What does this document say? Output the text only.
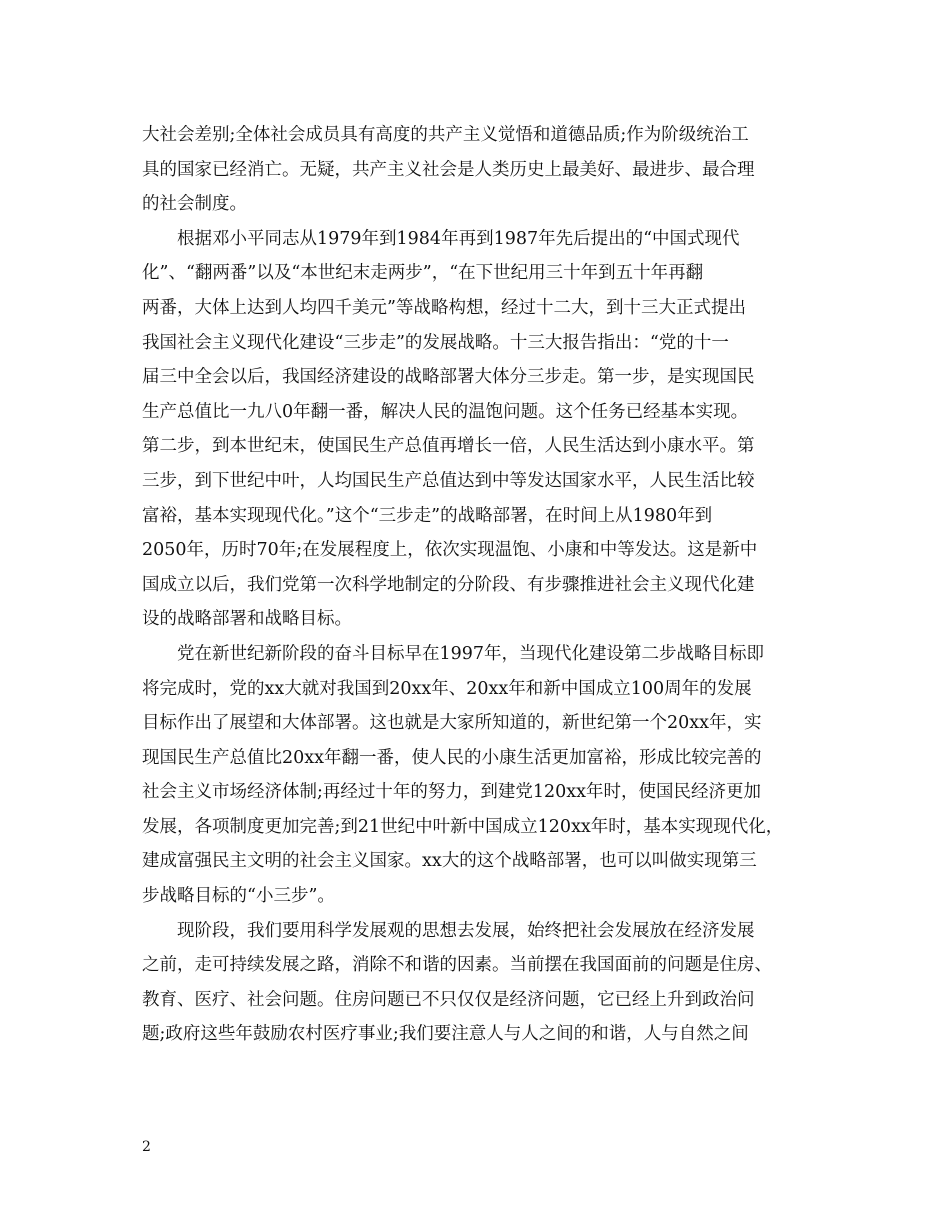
大社会差别;全体社会成员具有高度的共产主义觉悟和道德品质;作为阶级统治工
具的国家已经消亡。无疑，共产主义社会是人类历史上最美好、最进步、最合理
的社会制度。
根据邓小平同志从1979年到1984年再到1987年先后提出的“中国式现代
化”、“翻两番”以及“本世纪末走两步”，“在下世纪用三十年到五十年再翻
两番，大体上达到人均四千美元”等战略构想，经过十二大，到十三大正式提出
我国社会主义现代化建设“三步走”的发展战略。十三大报告指出：“党的十一
届三中全会以后，我国经济建设的战略部署大体分三步走。第一步，是实现国民
生产总值比一九八0年翻一番，解决人民的温饱问题。这个任务已经基本实现。
第二步，到本世纪末，使国民生产总值再增长一倍，人民生活达到小康水平。第
三步，到下世纪中叶，人均国民生产总值达到中等发达国家水平，人民生活比较
富裕，基本实现现代化。”这个“三步走”的战略部署，在时间上从1980年到
2050年，历时70年;在发展程度上，依次实现温饱、小康和中等发达。这是新中
国成立以后，我们党第一次科学地制定的分阶段、有步骤推进社会主义现代化建
设的战略部署和战略目标。
党在新世纪新阶段的奋斗目标早在1997年，当现代化建设第二步战略目标即
将完成时，党的xx大就对我国到20xx年、20xx年和新中国成立100周年的发展
目标作出了展望和大体部署。这也就是大家所知道的，新世纪第一个20xx年，实
现国民生产总值比20xx年翻一番，使人民的小康生活更加富裕，形成比较完善的
社会主义市场经济体制;再经过十年的努力，到建党120xx年时，使国民经济更加
发展，各项制度更加完善;到21世纪中叶新中国成立120xx年时，基本实现现代化，
建成富强民主文明的社会主义国家。xx大的这个战略部署，也可以叫做实现第三
步战略目标的“小三步”。
现阶段，我们要用科学发展观的思想去发展，始终把社会发展放在经济发展
之前，走可持续发展之路，消除不和谐的因素。当前摆在我国面前的问题是住房、
教育、医疗、社会问题。住房问题已不只仅仅是经济问题，它已经上升到政治问
题;政府这些年鼓励农村医疗事业;我们要注意人与人之间的和谐，人与自然之间
2
